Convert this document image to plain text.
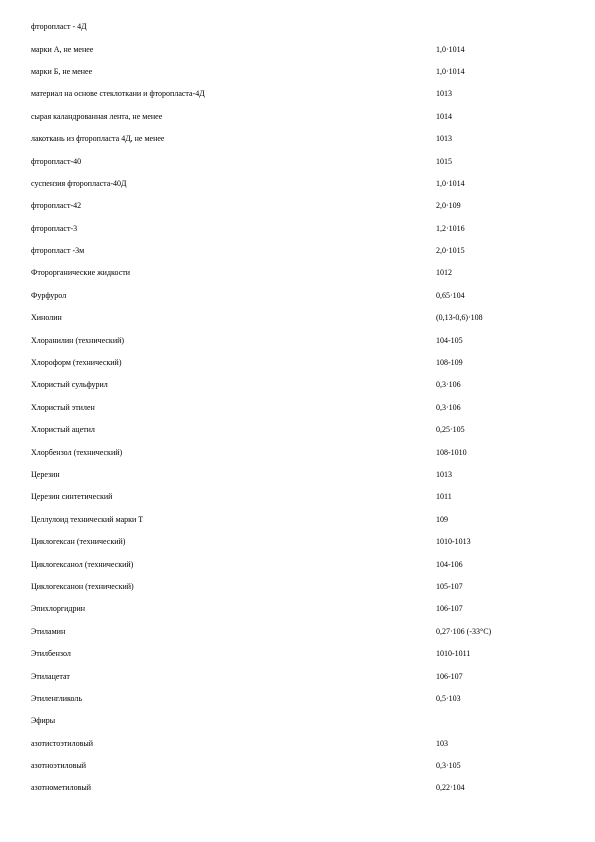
фторопласт - 4Д
марки А, не менее	1,0·1014
марки Б, не менее	1,0·1014
материал на основе стеклоткани и фторопласта-4Д	1013
сырая каландрованная лента, не менее	1014
лакоткань из фторопласта 4Д, не менее	1013
фторопласт-40	1015
суспензия фторопласта-40Д	1,0·1014
фторопласт-42	2,0·109
фторопласт-3	1,2·1016
фторопласт -3м	2,0·1015
Фторорганические жидкости	1012
Фурфурол	0,65·104
Хинолин	(0,13-0,6)·108
Хлоранилин (технический)	104-105
Хлороформ (технический)	108-109
Хлористый сульфурил	0,3·106
Хлористый этилен	0,3·106
Хлористый ацетил	0,25·105
Хлорбензол (технический)	108-1010
Церезин	1013
Церезин синтетический	1011
Целлулоид технический марки Т	109
Циклогексан (технический)	1010-1013
Циклогексанол (технический)	104-106
Циклогексанон (технический)	105-107
Эпихлоргидрин	106-107
Этиламин	0,27·106 (-33°С)
Этилбензол	1010-1011
Этилацетат	106-107
Этиленгликоль	0,5·103
Эфиры
азотистоэтиловый	103
азотноэтиловый	0,3·105
азотнометиловый	0,22·104
